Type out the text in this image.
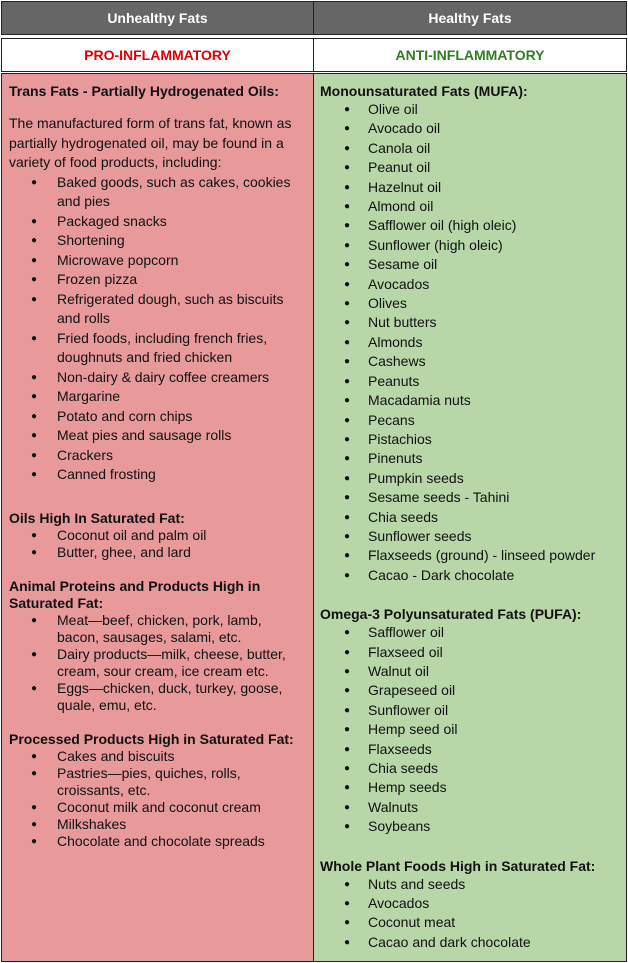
Unhealthy Fats	Healthy Fats
PRO-INFLAMMATORY	ANTI-INFLAMMATORY

Trans Fats - Partially Hydrogenated Oils:

The manufactured form of trans fat, known as partially hydrogenated oil, may be found in a variety of food products, including:

● Baked goods, such as cakes, cookies and pies
● Packaged snacks
● Shortening
● Microwave popcorn
● Frozen pizza
● Refrigerated dough, such as biscuits and rolls
● Fried foods, including french fries, doughnuts and fried chicken
● Non-dairy & dairy coffee creamers
● Margarine
● Potato and corn chips
● Meat pies and sausage rolls
● Crackers
● Canned frosting

Oils High In Saturated Fat:

● Coconut oil and palm oil
● Butter, ghee, and lard

Animal Proteins and Products High in Saturated Fat:

● Meat—beef, chicken, pork, lamb, bacon, sausages, salami, etc.
● Dairy products—milk, cheese, butter, cream, sour cream, ice cream etc.
● Eggs—chicken, duck, turkey, goose, quale, emu, etc.

Processed Products High in Saturated Fat:

● Cakes and biscuits
● Pastries—pies, quiches, rolls, croissants, etc.
● Coconut milk and coconut cream
● Milkshakes
● Chocolate and chocolate spreads

Monounsaturated Fats (MUFA):

● Olive oil
● Avocado oil
● Canola oil
● Peanut oil
● Hazelnut oil
● Almond oil
● Safflower oil (high oleic)
● Sunflower (high oleic)
● Sesame oil
● Avocados
● Olives
● Nut butters
● Almonds
● Cashews
● Peanuts
● Macadamia nuts
● Pecans
● Pistachios
● Pinenuts
● Pumpkin seeds
● Sesame seeds - Tahini
● Chia seeds
● Sunflower seeds
● Flaxseeds (ground) - linseed powder
● Cacao - Dark chocolate

Omega-3 Polyunsaturated Fats (PUFA):

● Safflower oil
● Flaxseed oil
● Walnut oil
● Grapeseed oil
● Sunflower oil
● Hemp seed oil
● Flaxseeds
● Chia seeds
● Hemp seeds
● Walnuts
● Soybeans

Whole Plant Foods High in Saturated Fat:

● Nuts and seeds
● Avocados
● Coconut meat
● Cacao and dark chocolate
